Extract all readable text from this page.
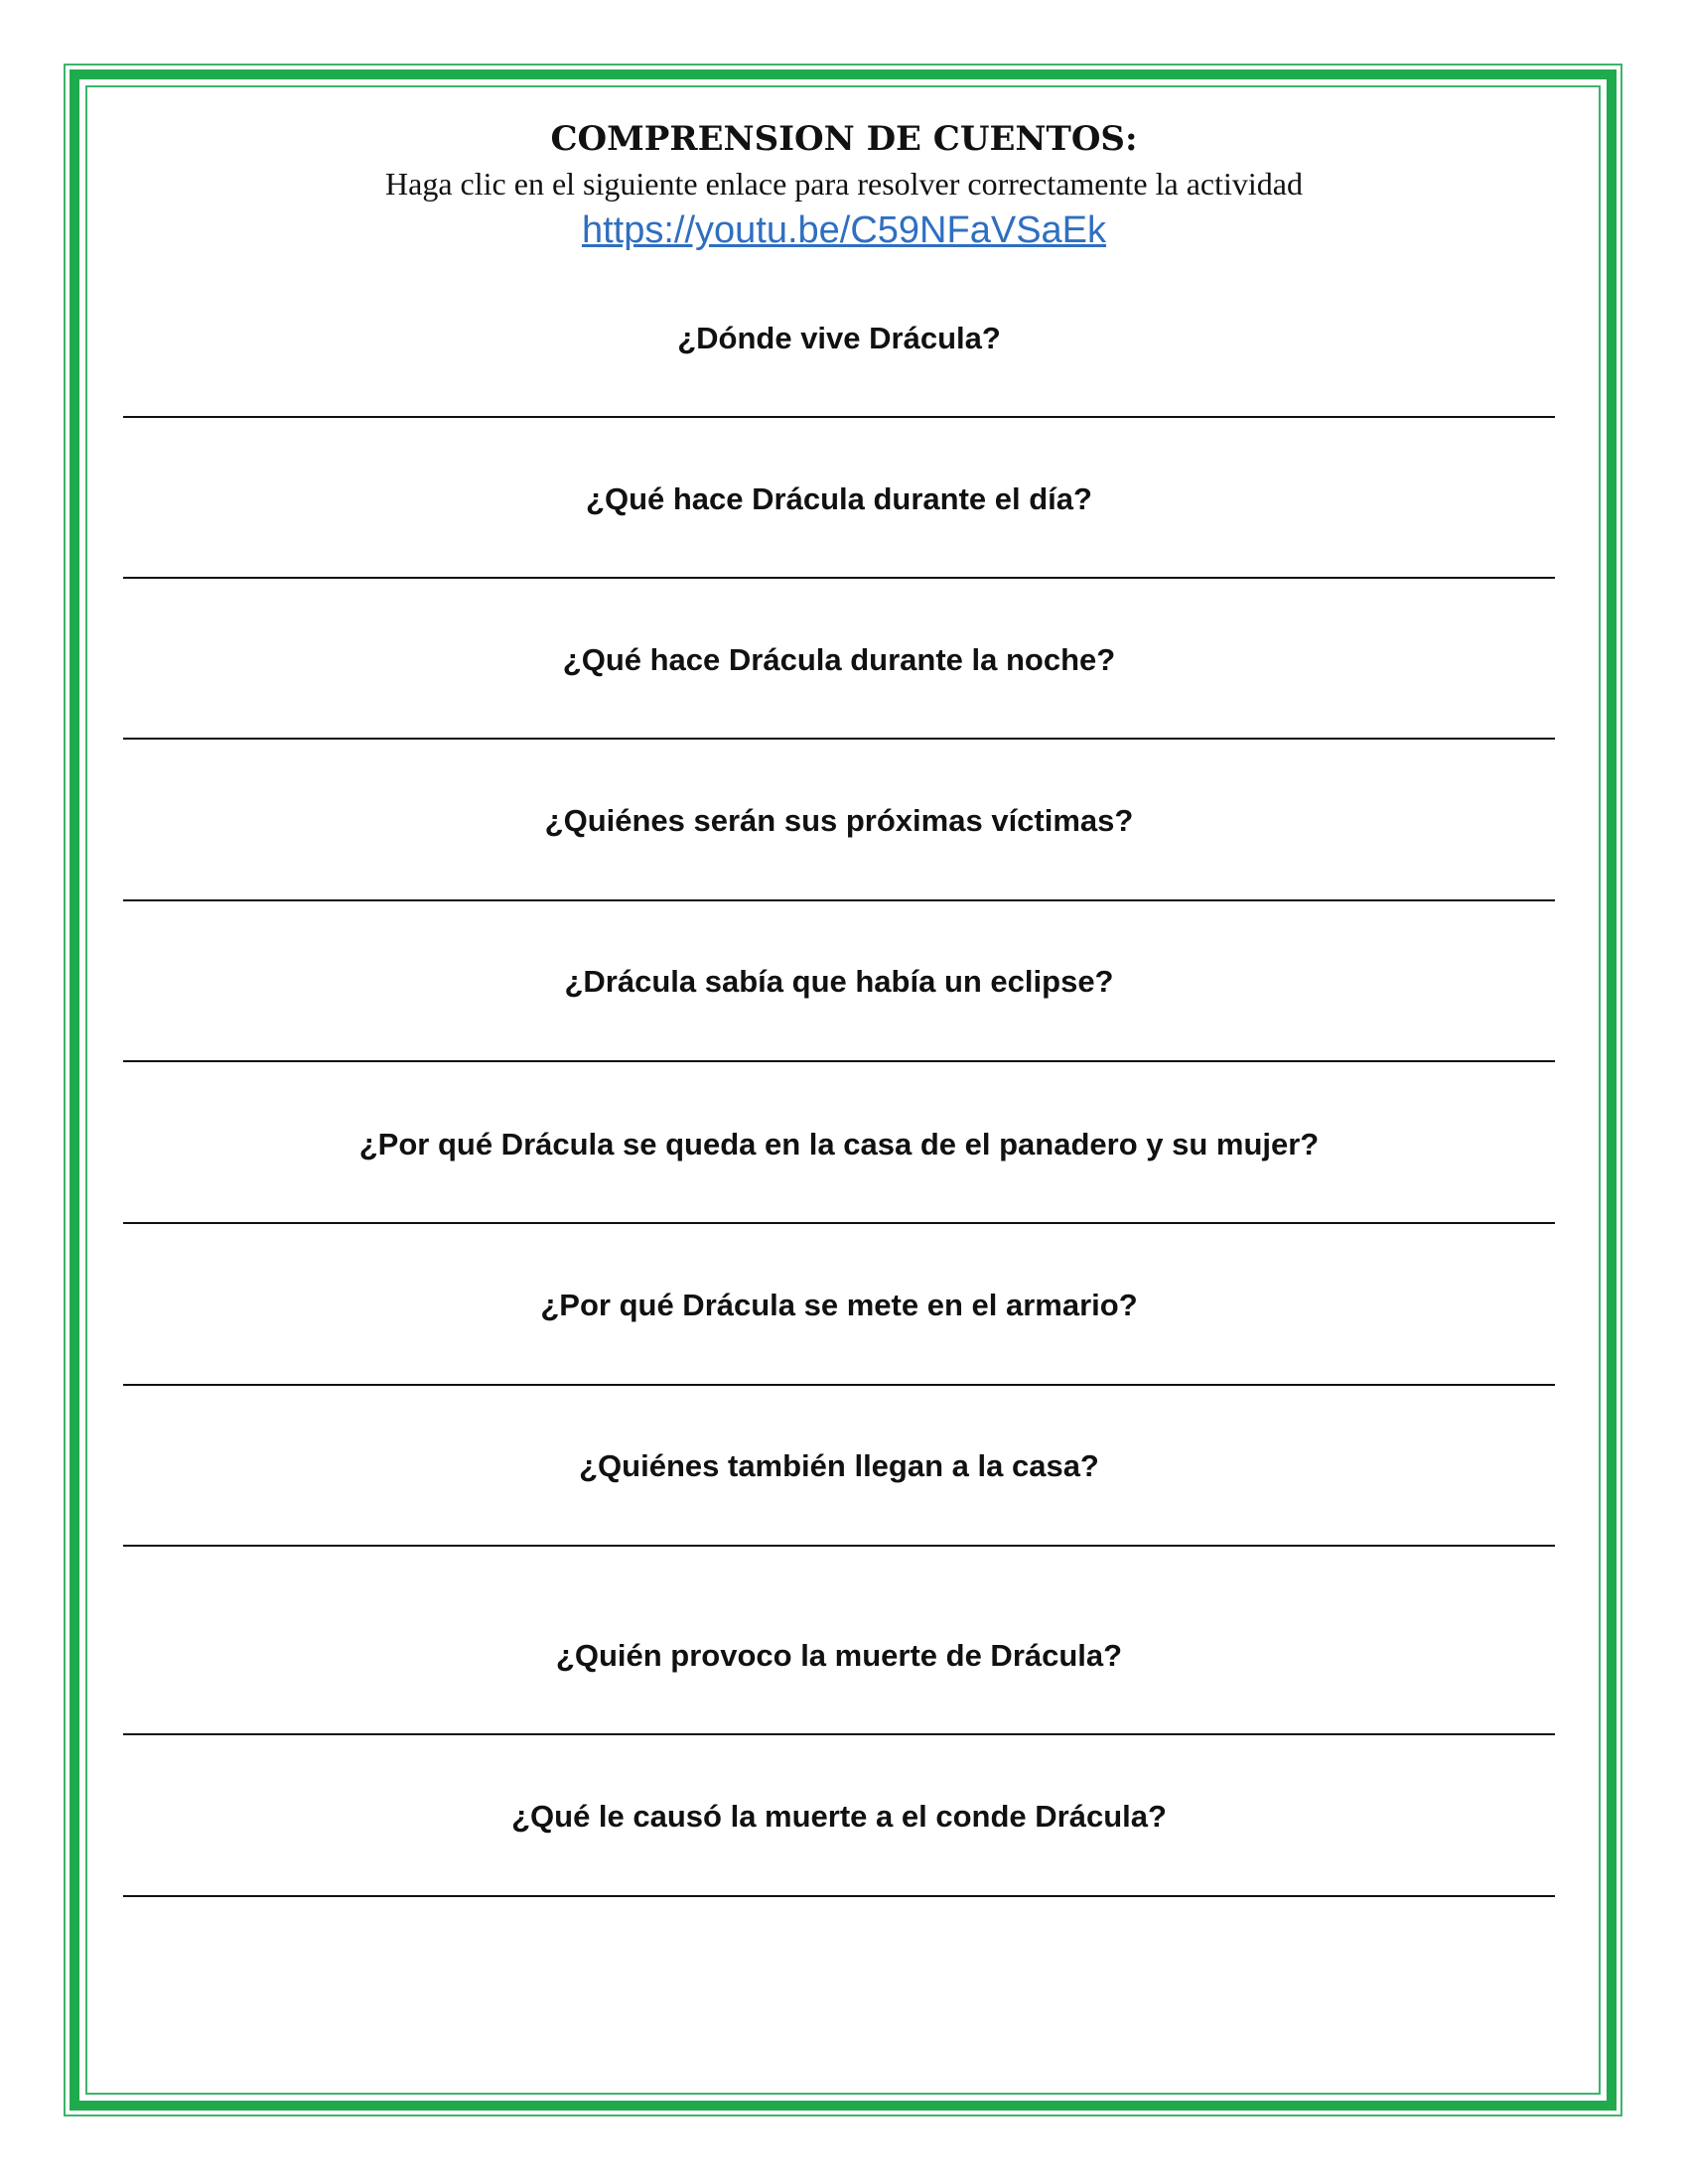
COMPRENSION DE CUENTOS:
Haga clic en el siguiente enlace para resolver correctamente la actividad
https://youtu.be/C59NFaVSaEk
¿Dónde vive Drácula?
¿Qué hace Drácula durante el día?
¿Qué hace Drácula durante la noche?
¿Quiénes serán sus próximas víctimas?
¿Drácula sabía que había un eclipse?
¿Por qué Drácula se queda en la casa de el panadero y su mujer?
¿Por qué Drácula se mete en el armario?
¿Quiénes también llegan a la casa?
¿Quién provoco la muerte de Drácula?
¿Qué le causó la muerte a el conde Drácula?
